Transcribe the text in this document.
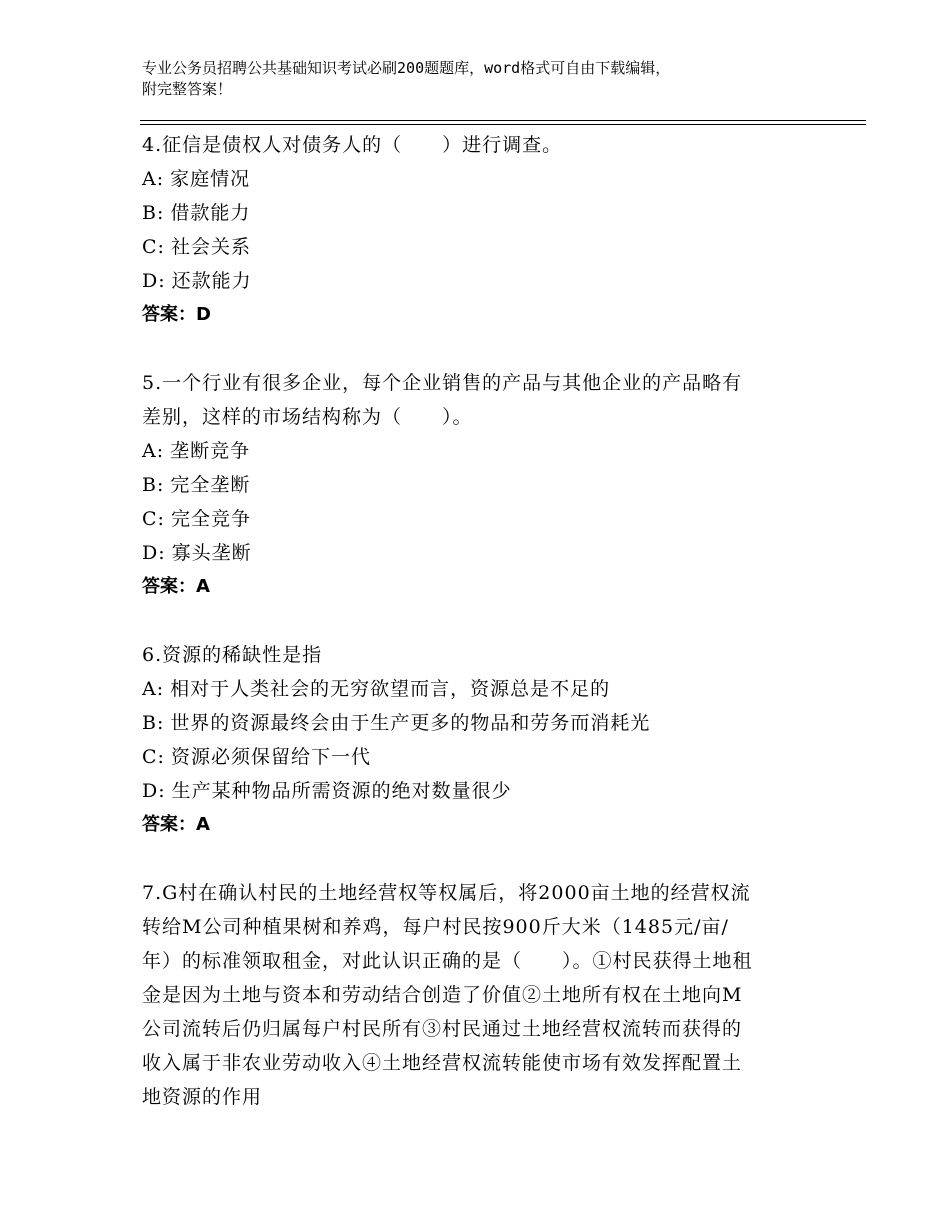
专业公务员招聘公共基础知识考试必刷200题题库，word格式可自由下载编辑，
附完整答案！

4.征信是债权人对债务人的（　　）进行调查。

A: 家庭情况

B: 借款能力

C: 社会关系

D: 还款能力

答案：D

5.一个行业有很多企业，每个企业销售的产品与其他企业的产品略有

差别，这样的市场结构称为（　　）。

A: 垄断竞争

B: 完全垄断

C: 完全竞争

D: 寡头垄断

答案：A

6.资源的稀缺性是指

A: 相对于人类社会的无穷欲望而言，资源总是不足的

B: 世界的资源最终会由于生产更多的物品和劳务而消耗光

C: 资源必须保留给下一代

D: 生产某种物品所需资源的绝对数量很少

答案：A

7.G村在确认村民的土地经营权等权属后，将2000亩土地的经营权流

转给M公司种植果树和养鸡，每户村民按900斤大米（1485元/亩/

年）的标准领取租金，对此认识正确的是（　　）。①村民获得土地租

金是因为土地与资本和劳动结合创造了价值②土地所有权在土地向M

公司流转后仍归属每户村民所有③村民通过土地经营权流转而获得的

收入属于非农业劳动收入④土地经营权流转能使市场有效发挥配置土

地资源的作用
